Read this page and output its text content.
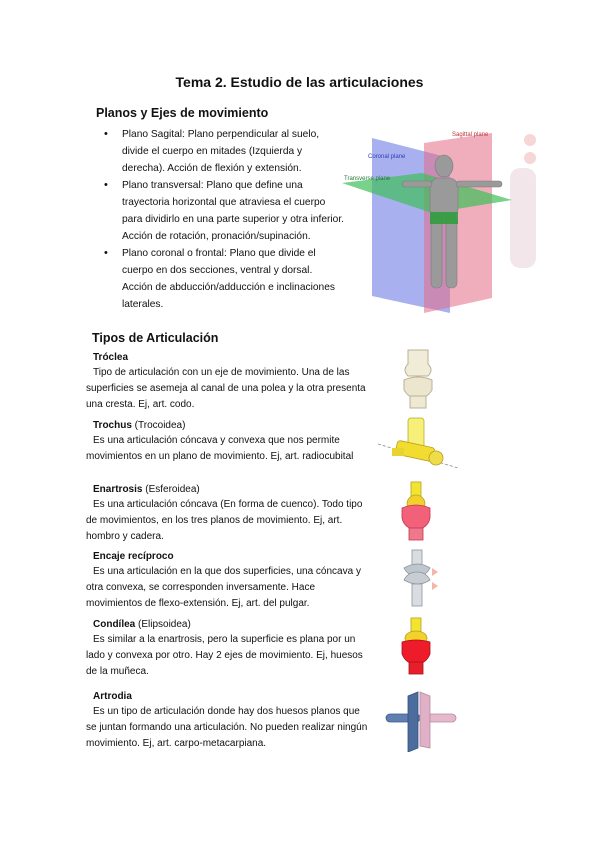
Tema 2. Estudio de las articulaciones
Planos y Ejes de movimiento
• Plano Sagital: Plano perpendicular al suelo, divide el cuerpo en mitades (Izquierda y derecha). Acción de flexión y extensión.
• Plano transversal: Plano que define una trayectoria horizontal que atraviesa el cuerpo para dividirlo en una parte superior y otra inferior. Acción de rotación, pronación/supinación.
• Plano coronal o frontal: Plano que divide el cuerpo en dos secciones, ventral y dorsal. Acción de abducción/adducción e inclinaciones laterales.
Sagittal plane
Coronal plane
Transverse plane
Tipos de Articulación
Tróclea

Tipo de articulación con un eje de movimiento. Una de las superficies se asemeja al canal de una polea y la otra presenta una cresta. Ej, art. codo.

Trochus (Trocoidea)

Es una articulación cóncava y convexa que nos permite movimientos en un plano de movimiento. Ej, art. radiocubital

Enartrosis (Esferoidea)

Es una articulación cóncava (En forma de cuenco). Todo tipo de movimientos, en los tres planos de movimiento. Ej, art. hombro y cadera.

Encaje recíproco

Es una articulación en la que dos superficies, una cóncava y otra convexa, se corresponden inversamente. Hace movimientos de flexo-extensión. Ej, art. del pulgar.

Condílea (Elipsoidea)

Es similar a la enartrosis, pero la superficie es plana por un lado y convexa por otro. Hay 2 ejes de movimiento. Ej, huesos de la muñeca.

Artrodia

Es un tipo de articulación donde hay dos huesos planos que se juntan formando una articulación. No pueden realizar ningún movimiento. Ej, art. carpo-metacarpiana.
